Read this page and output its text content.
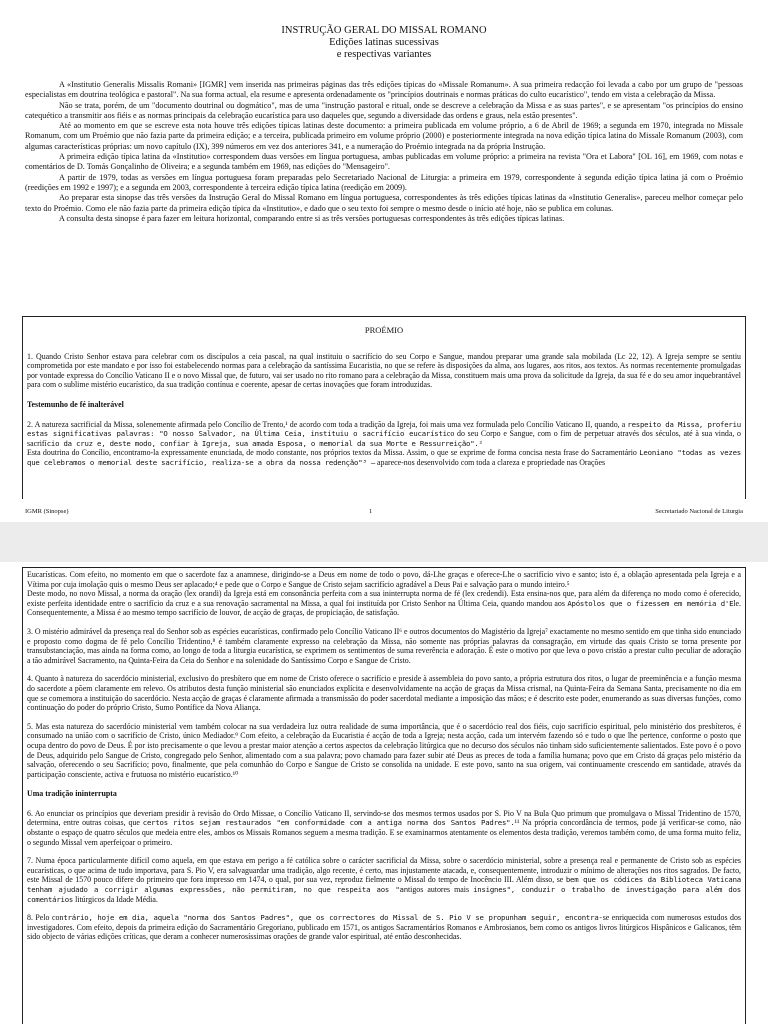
INSTRUÇÃO GERAL DO MISSAL ROMANO
Edições latinas sucessivas
e respectivas variantes

A «Institutio Generalis Missalis Romani» [IGMR] vem inserida nas primeiras páginas das três edições típicas do «Missale Romanum». A sua primeira redacção foi levada a cabo por um grupo de "pessoas especialistas em doutrina teológica e pastoral". Na sua forma actual, ela resume e apresenta ordenadamente os "princípios doutrinais e normas práticas do culto eucarístico", tendo em vista a celebração da Missa.

Não se trata, porém, de um "documento doutrinal ou dogmático", mas de uma "instrução pastoral e ritual, onde se descreve a celebração da Missa e as suas partes", e se apresentam "os princípios do ensino catequético a transmitir aos fiéis e as normas principais da celebração eucarística para uso daqueles que, segundo a diversidade das ordens e graus, nela estão presentes".

Até ao momento em que se escreve esta nota houve três edições típicas latinas deste documento: a primeira publicada em volume próprio, a 6 de Abril de 1969; a segunda em 1970, integrada no Missale Romanum, com um Proémio que não fazia parte da primeira edição; e a terceira, publicada primeiro em volume próprio (2000) e posteriormente integrada na nova edição típica latina do Missale Romanum (2003), com algumas características próprias: um novo capítulo (IX), 399 números em vez dos anteriores 341, e a numeração do Proémio integrada na da própria Instrução.

A primeira edição típica latina da «Institutio» correspondem duas versões em língua portuguesa, ambas publicadas em volume próprio: a primeira na revista "Ora et Labora" [OL 16], em 1969, com notas e comentários de D. Tomás Gonçalinho de Oliveira; e a segunda também em 1969, nas edições do "Mensageiro".

A partir de 1979, todas as versões em língua portuguesa foram preparadas pelo Secretariado Nacional de Liturgia: a primeira em 1979, correspondente à segunda edição típica latina já com o Proémio (reedições em 1992 e 1997); e a segunda em 2003, correspondente à terceira edição típica latina (reedição em 2009).

Ao preparar esta sinopse das três versões da Instrução Geral do Missal Romano em língua portuguesa, correspondentes às três edições típicas latinas da «Institutio Generalis», pareceu melhor começar pelo texto do Proémio. Como ele não fazia parte da primeira edição típica da «Institutio», e dado que o seu texto foi sempre o mesmo desde o início até hoje, não se publica em colunas.

A consulta desta sinopse é para fazer em leitura horizontal, comparando entre si as três versões portuguesas correspondentes às três edições típicas latinas.

PROÉMIO

1. Quando Cristo Senhor estava para celebrar com os discípulos a ceia pascal, na qual instituiu o sacrifício do seu Corpo e Sangue, mandou preparar uma grande sala mobilada (Lc 22, 12). A Igreja sempre se sentiu comprometida por este mandato e por isso foi estabelecendo normas para a celebração da santíssima Eucaristia, no que se refere às disposições da alma, aos lugares, aos ritos, aos textos. As normas recentemente promulgadas por vontade expressa do Concílio Vaticano II e o novo Missal que, de futuro, vai ser usado no rito romano para a celebração da Missa, constituem mais uma prova da solicitude da Igreja, da sua fé e do seu amor inquebrantável para com o sublime mistério eucarístico, da sua tradição contínua e coerente, apesar de certas inovações que foram introduzidas.

Testemunho de fé inalterável

2. A natureza sacrificial da Missa, solenemente afirmada pelo Concílio de Trento,¹ de acordo com toda a tradição da Igreja, foi mais uma vez formulada pelo Concílio Vaticano II, quando, a respeito da Missa, proferiu estas significativas palavras: "O nosso Salvador, na Última Ceia, instituiu o sacrifício eucarístico do seu Corpo e Sangue, com o fim de perpetuar através dos séculos, até à sua vinda, o sacrifício da cruz e, deste modo, confiar à Igreja, sua amada Esposa, o memorial da sua Morte e Ressurreição".²

Esta doutrina do Concílio, encontramo-la expressamente enunciada, de modo constante, nos próprios textos da Missa. Assim, o que se exprime de forma concisa nesta frase do Sacramentário Leoniano "todas as vezes que celebramos o memorial deste sacrifício, realiza-se a obra da nossa redenção"³ – aparece-nos desenvolvido com toda a clareza e propriedade nas Orações

IGMR (Sinopse)	1	Secretariado Nacional de Liturgia

Eucarísticas. Com efeito, no momento em que o sacerdote faz a anamnese, dirigindo-se a Deus em nome de todo o povo, dá-Lhe graças e oferece-Lhe o sacrifício vivo e santo; isto é, a oblação apresentada pela Igreja e a Vítima por cuja imolação quis o mesmo Deus ser aplacado;⁴ e pede que o Corpo e Sangue de Cristo sejam sacrifício agradável a Deus Pai e salvação para o mundo inteiro.⁵

Deste modo, no novo Missal, a norma da oração (lex orandi) da Igreja está em consonância perfeita com a sua ininterrupta norma de fé (lex credendi). Esta ensina-nos que, para além da diferença no modo como é oferecido, existe perfeita identidade entre o sacrifício da cruz e a sua renovação sacramental na Missa, a qual foi instituída por Cristo Senhor na Última Ceia, quando mandou aos Apóstolos que o fizessem em memória d'Ele. Consequentemente, a Missa é ao mesmo tempo sacrifício de louvor, de acção de graças, de propiciação, de satisfação.

3. O mistério admirável da presença real do Senhor sob as espécies eucarísticas, confirmado pelo Concílio Vaticano II⁶ e outros documentos do Magistério da Igreja⁷ exactamente no mesmo sentido em que tinha sido enunciado e proposto como dogma de fé pelo Concílio Tridentino,⁸ é também claramente expresso na celebração da Missa, não somente nas próprias palavras da consagração, em virtude das quais Cristo se torna presente por transubstanciação, mas ainda na forma como, ao longo de toda a liturgia eucarística, se exprimem os sentimentos de suma reverência e adoração. É este o motivo por que leva o povo cristão a prestar culto peculiar de adoração a tão admirável Sacramento, na Quinta-Feira da Ceia do Senhor e na solenidade do Santíssimo Corpo e Sangue de Cristo.

4. Quanto à natureza do sacerdócio ministerial, exclusivo do presbítero que em nome de Cristo oferece o sacrifício e preside à assembleia do povo santo, a própria estrutura dos ritos, o lugar de preeminência e a função mesma do sacerdote a põem claramente em relevo. Os atributos desta função ministerial são enunciados explícita e desenvolvidamente na acção de graças da Missa crismal, na Quinta-Feira da Semana Santa, precisamente no dia em que se comemora a instituição do sacerdócio. Nesta acção de graças é claramente afirmada a transmissão do poder sacerdotal mediante a imposição das mãos; e é descrito este poder, enumerando as suas diversas funções, como continuação do poder do próprio Cristo, Sumo Pontífice da Nova Aliança.

5. Mas esta natureza do sacerdócio ministerial vem também colocar na sua verdadeira luz outra realidade de suma importância, que é o sacerdócio real dos fiéis, cujo sacrifício espiritual, pelo ministério dos presbíteros, é consumado na união com o sacrifício de Cristo, único Mediador.⁹ Com efeito, a celebração da Eucaristia é acção de toda a Igreja; nesta acção, cada um intervém fazendo só e tudo o que lhe pertence, conforme o posto que ocupa dentro do povo de Deus. É por isto precisamente o que levou a prestar maior atenção a certos aspectos da celebração litúrgica que no decurso dos séculos não tinham sido suficientemente salientados. Este povo é o povo de Deus, adquirido pelo Sangue de Cristo, congregado pelo Senhor, alimentado com a sua palavra; povo chamado para fazer subir até Deus as preces de toda a família humana; povo que em Cristo dá graças pelo mistério da salvação, oferecendo o seu Sacrifício; povo, finalmente, que pela comunhão do Corpo e Sangue de Cristo se consolida na unidade. E este povo, santo na sua origem, vai continuamente crescendo em santidade, através da participação consciente, activa e frutuosa no mistério eucarístico.¹⁰

Uma tradição ininterrupta

6. Ao enunciar os princípios que deveriam presidir à revisão do Ordo Missae, o Concílio Vaticano II, servindo-se dos mesmos termos usados por S. Pio V na Bula Quo primum que promulgava o Missal Tridentino de 1570, determina, entre outras coisas, que certos ritos sejam restaurados "em conformidade com a antiga norma dos Santos Padres".¹¹ Na própria concordância de termos, pode já verificar-se como, não obstante o espaço de quatro séculos que medeia entre eles, ambos os Missais Romanos seguem a mesma tradição. E se examinarmos atentamente os elementos desta tradição, veremos também como, de uma forma muito feliz, o segundo Missal vem aperfeiçoar o primeiro.

7. Numa época particularmente difícil como aquela, em que estava em perigo a fé católica sobre o carácter sacrificial da Missa, sobre o sacerdócio ministerial, sobre a presença real e permanente de Cristo sob as espécies eucarísticas, o que acima de tudo importava, para S. Pio V, era salvaguardar uma tradição, algo recente, é certo, mas injustamente atacada, e, consequentemente, introduzir o mínimo de alterações nos ritos sagrados. De facto, este Missal de 1570 pouco difere do primeiro que fora impresso em 1474, o qual, por sua vez, reproduz fielmente o Missal do tempo de Inocêncio III. Além disso, se bem que os códices da Biblioteca Vaticana tenham ajudado a corrigir algumas expressões, não permitiram, no que respeita aos "antigos autores mais insignes", conduzir o trabalho de investigação para além dos comentários litúrgicos da Idade Média.

8. Pelo contrário, hoje em dia, aquela "norma dos Santos Padres", que os correctores do Missal de S. Pio V se propunham seguir, encontra-se enriquecida com numerosos estudos dos investigadores. Com efeito, depois da primeira edição do Sacramentário Gregoriano, publicado em 1571, os antigos Sacramentários Romanos e Ambrosianos, bem como os antigos livros litúrgicos Hispânicos e Galicanos, têm sido objecto de várias edições críticas, que deram a conhecer numerosíssimas orações de grande valor espiritual, até então desconhecidas.
